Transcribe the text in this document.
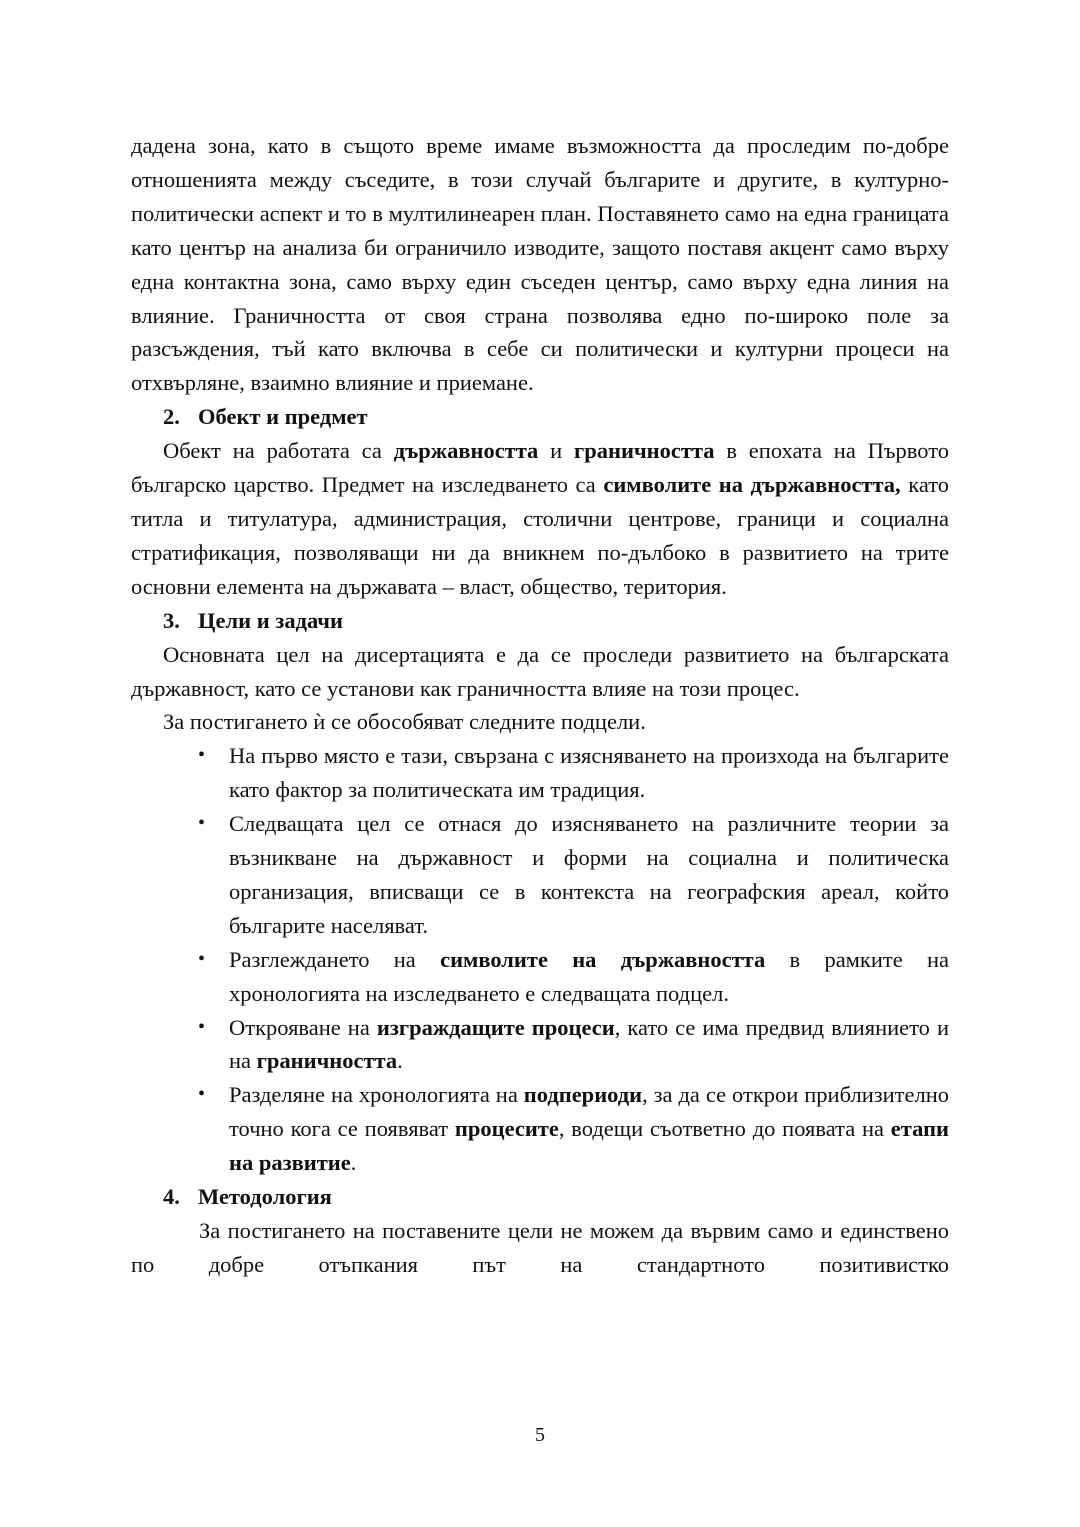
дадена зона, като в същото време имаме възможността да проследим по-добре отношенията между съседите, в този случай българите и другите, в културно-политически аспект и то в мултилинеарен план. Поставянето само на една границата като център на анализа би ограничило изводите, защото поставя акцент само върху една контактна зона, само върху един съседен център, само върху една линия на влияние. Граничността от своя страна позволява едно по-широко поле за разсъждения, тъй като включва в себе си политически и културни процеси на отхвърляне, взаимно влияние и приемане.

2. Обект и предмет

Обект на работата са държавността и граничността в епохата на Първото българско царство. Предмет на изследването са символите на държавността, като титла и титулатура, администрация, столични центрове, граници и социална стратификация, позволяващи ни да вникнем по-дълбоко в развитието на трите основни елемента на държавата – власт, общество, територия.

3. Цели и задачи

Основната цел на дисертацията е да се проследи развитието на българската държавност, като се установи как граничността влияе на този процес.

За постигането ѝ се обособяват следните подцели.

• На първо място е тази, свързана с изясняването на произхода на българите като фактор за политическата им традиция.
• Следващата цел се отнася до изясняването на различните теории за възникване на държавност и форми на социална и политическа организация, вписващи се в контекста на географския ареал, който българите населяват.
• Разглеждането на символите на държавността в рамките на хронологията на изследването е следващата подцел.
• Открояване на изграждащите процеси, като се има предвид влиянието и на граничността.
• Разделяне на хронологията на подпериоди, за да се открои приблизително точно кога се появяват процесите, водещи съответно до появата на етапи на развитие.
4. Методология

За постигането на поставените цели не можем да вървим само и единствено по добре отъпкания път на стандартното позитивистко

5
